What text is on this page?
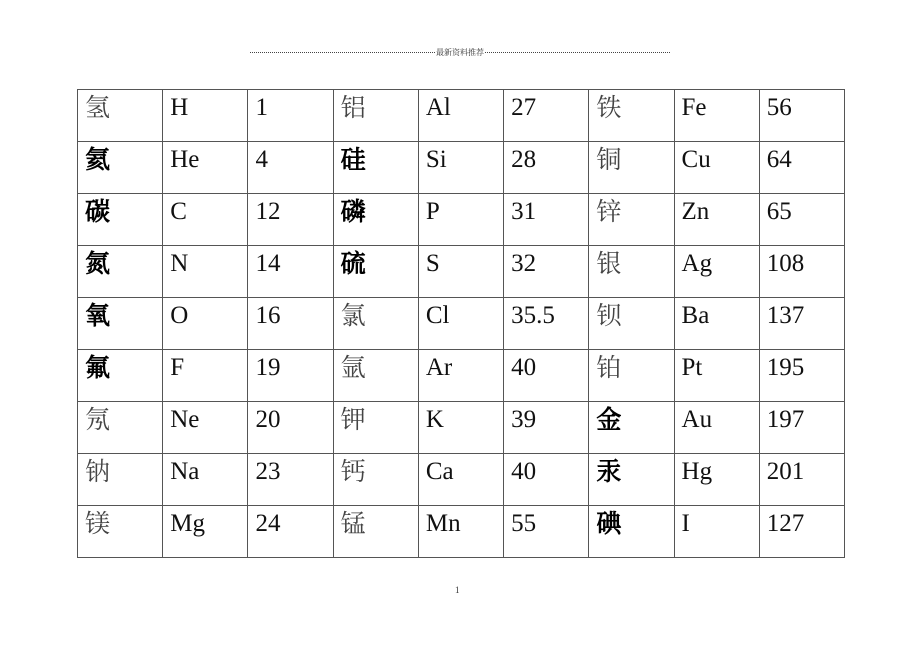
最新资料推荐
氢	H	1	铝	Al	27	铁	Fe	56
氦	He	4	硅	Si	28	铜	Cu	64
碳	C	12	磷	P	31	锌	Zn	65
氮	N	14	硫	S	32	银	Ag	108
氧	O	16	氯	Cl	35.5	钡	Ba	137
氟	F	19	氩	Ar	40	铂	Pt	195
氖	Ne	20	钾	K	39	金	Au	197
钠	Na	23	钙	Ca	40	汞	Hg	201
镁	Mg	24	锰	Mn	55	碘	I	127
1
